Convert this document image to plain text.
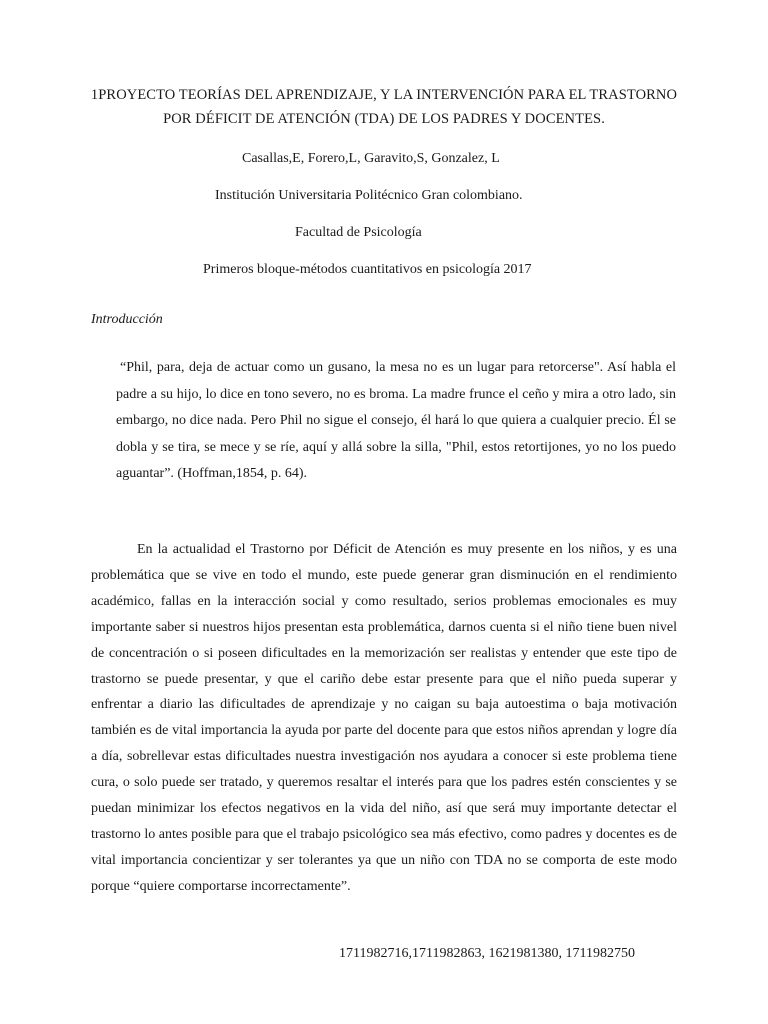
1PROYECTO TEORÍAS DEL APRENDIZAJE, Y LA INTERVENCIÓN PARA EL TRASTORNO POR DÉFICIT DE ATENCIÓN (TDA) DE LOS PADRES Y DOCENTES.
Casallas,E, Forero,L, Garavito,S, Gonzalez, L
Institución Universitaria Politécnico Gran colombiano.
Facultad de Psicología
Primeros bloque-métodos cuantitativos en psicología 2017
Introducción
“Phil, para, deja de actuar como un gusano, la mesa no es un lugar para retorcerse". Así habla el padre a su hijo, lo dice en tono severo, no es broma. La madre frunce el ceño y mira a otro lado, sin embargo, no dice nada. Pero Phil no sigue el consejo, él hará lo que quiera a cualquier precio. Él se dobla y se tira, se mece y se ríe, aquí y allá sobre la silla, "Phil, estos retortijones, yo no los puedo aguantar”. (Hoffman,1854, p. 64).
En la actualidad el Trastorno por Déficit de Atención es muy presente en los niños, y es una problemática que se vive en todo el mundo, este puede generar gran disminución en el rendimiento académico, fallas en la interacción social y como resultado, serios problemas emocionales es muy importante saber si nuestros hijos presentan esta problemática, darnos cuenta si el niño tiene buen nivel de concentración o si poseen dificultades en la memorización ser realistas y entender que este tipo de trastorno se puede presentar, y que el cariño debe estar presente para que el niño pueda superar y enfrentar a diario las dificultades de aprendizaje y no caigan su baja autoestima o baja motivación también es de vital importancia la ayuda por parte del docente para que estos niños aprendan y logre día a día, sobrellevar estas dificultades nuestra investigación nos ayudara a conocer si este problema tiene cura, o solo puede ser tratado, y queremos resaltar el interés para que los padres estén conscientes y se puedan minimizar los efectos negativos en la vida del niño, así que será muy importante detectar el trastorno lo antes posible para que el trabajo psicológico sea más efectivo, como padres y docentes es de vital importancia concientizar y ser tolerantes ya que un niño con TDA no se comporta de este modo porque “quiere comportarse incorrectamente”.
1711982716,1711982863, 1621981380, 1711982750
